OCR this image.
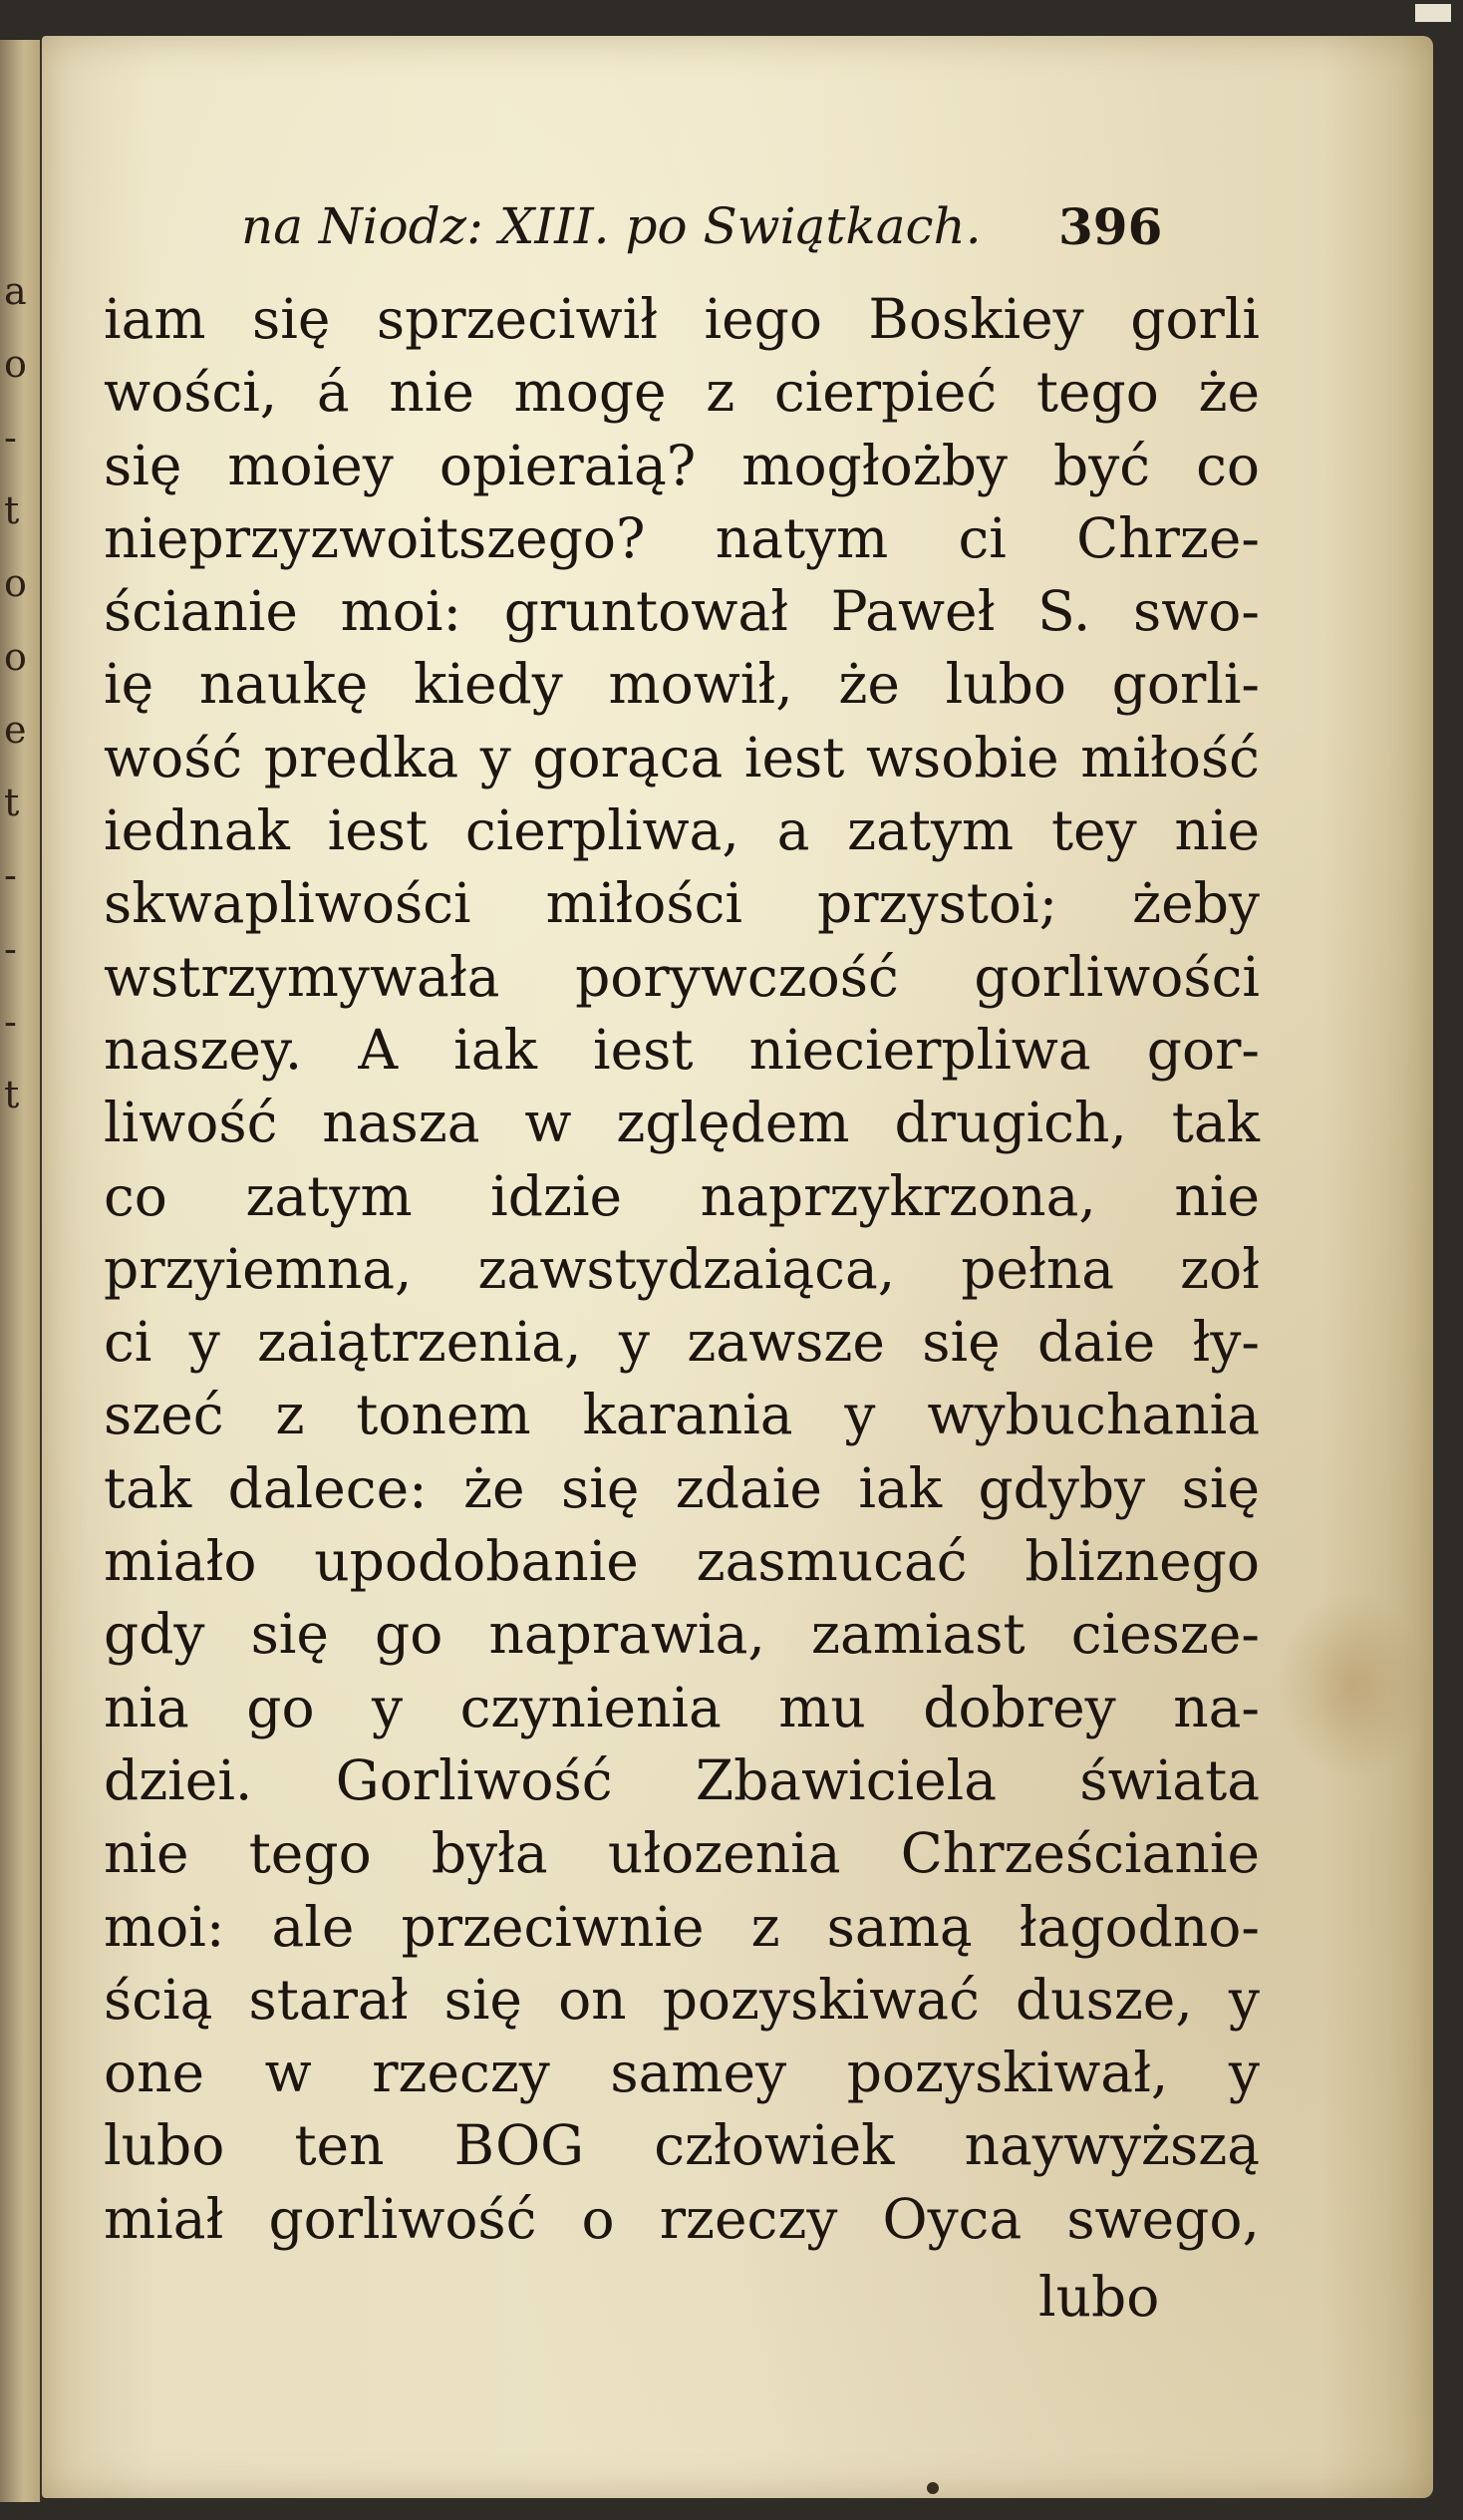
a
o
-
t
o
o
e
t
-
-
-
t
na Niodz: XIII. po Swiątkach. 396
iam się sprzeciwił iego Boskiey gorli
wości, á nie mogę z cierpieć tego że
się moiey opieraią? mogłożby być co
nieprzyzwoitszego? natym ci Chrze-
ścianie moi: gruntował Paweł S. swo-
ię naukę kiedy mowił, że lubo gorli-
wość predka y gorąca iest wsobie miłość
iednak iest cierpliwa, a zatym tey nie
skwapliwości miłości przystoi; żeby
wstrzymywała porywczość gorliwości
naszey. A iak iest niecierpliwa gor-
liwość nasza w zględem drugich, tak
co zatym idzie naprzykrzona, nie
przyiemna, zawstydzaiąca, pełna zoł
ci y zaiątrzenia, y zawsze się daie ły-
szeć z tonem karania y wybuchania
tak dalece: że się zdaie iak gdyby się
miało upodobanie zasmucać bliznego
gdy się go naprawia, zamiast ciesze-
nia go y czynienia mu dobrey na-
dziei. Gorliwość Zbawiciela świata
nie tego była ułozenia Chrześcianie
moi: ale przeciwnie z samą łagodno-
ścią starał się on pozyskiwać dusze, y
one w rzeczy samey pozyskiwał, y
lubo ten BOG człowiek naywyższą
miał gorliwość o rzeczy Oyca swego,
lubo
